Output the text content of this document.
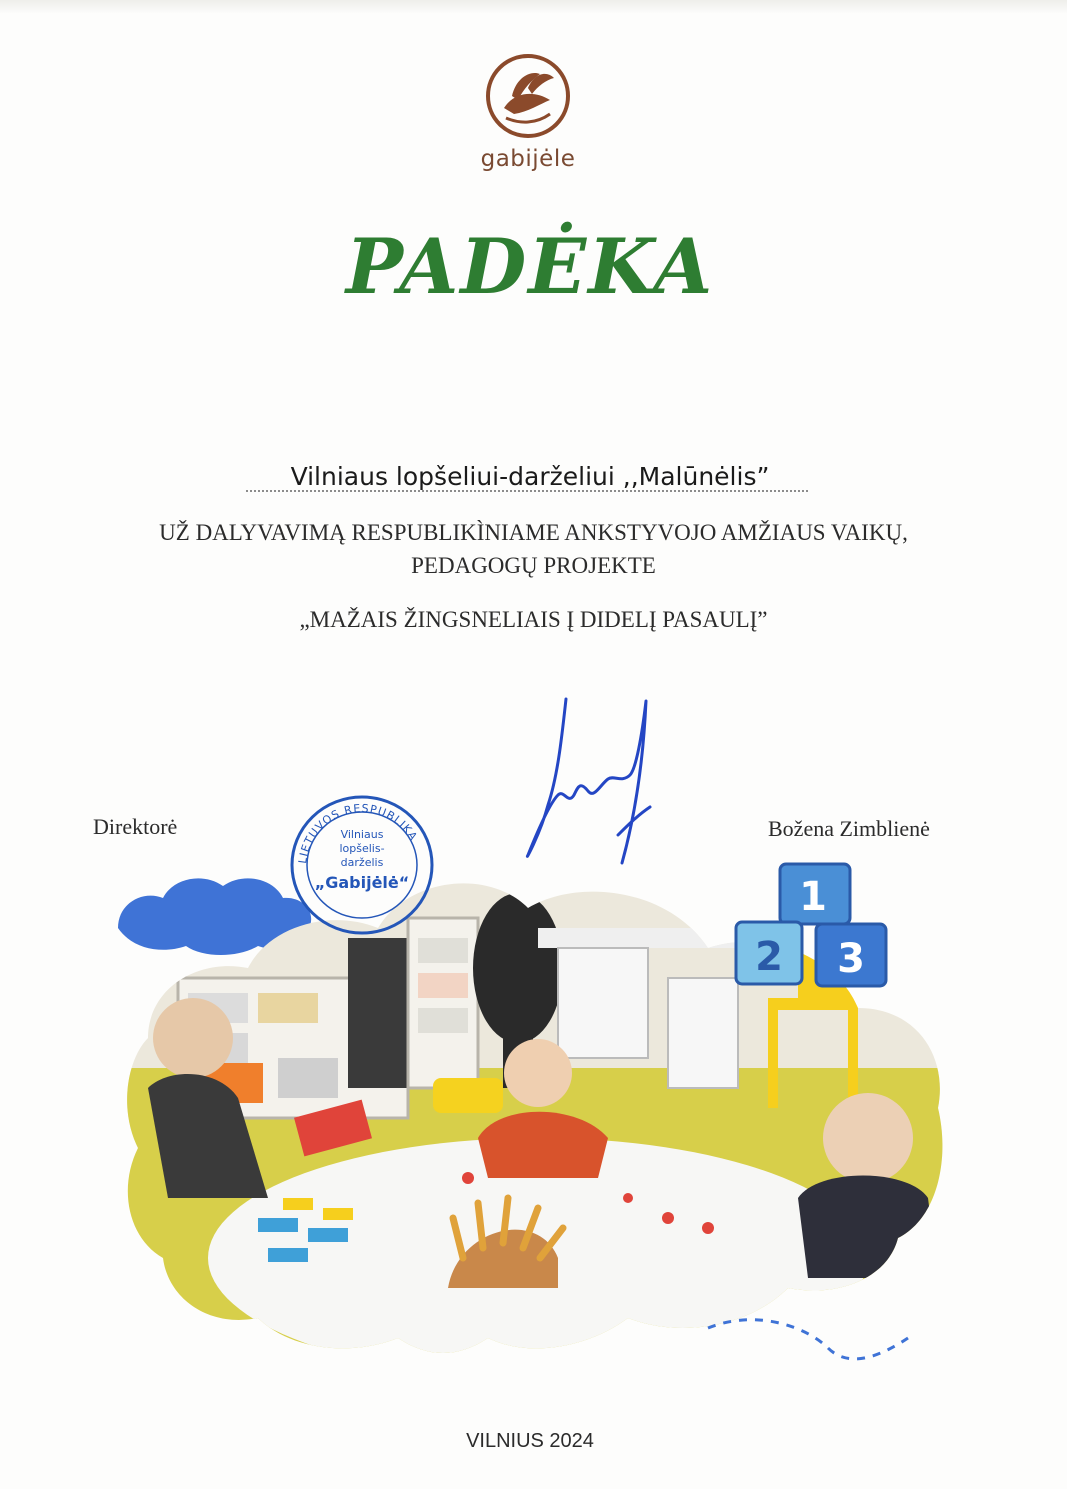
gabijėle
PADĖKA
Vilniaus lopšeliui-darželiui ,,Malūnėlis”
UŽ DALYVAVIMĄ RESPUBLIKÌNIAME ANKSTYVOJO AMŽIAUS VAIKŲ,
PEDAGOGŲ PROJEKTE
„MAŽAIS ŽINGSNELIAIS Į DIDELĮ PASAULĮ”
Direktorė	Božena Zimblienė
1
2 3
LIETUVOS RESPUBLIKA
Vilniaus
lopšelis-
darželis
„Gabijėlė“
VILNIUS 2024
